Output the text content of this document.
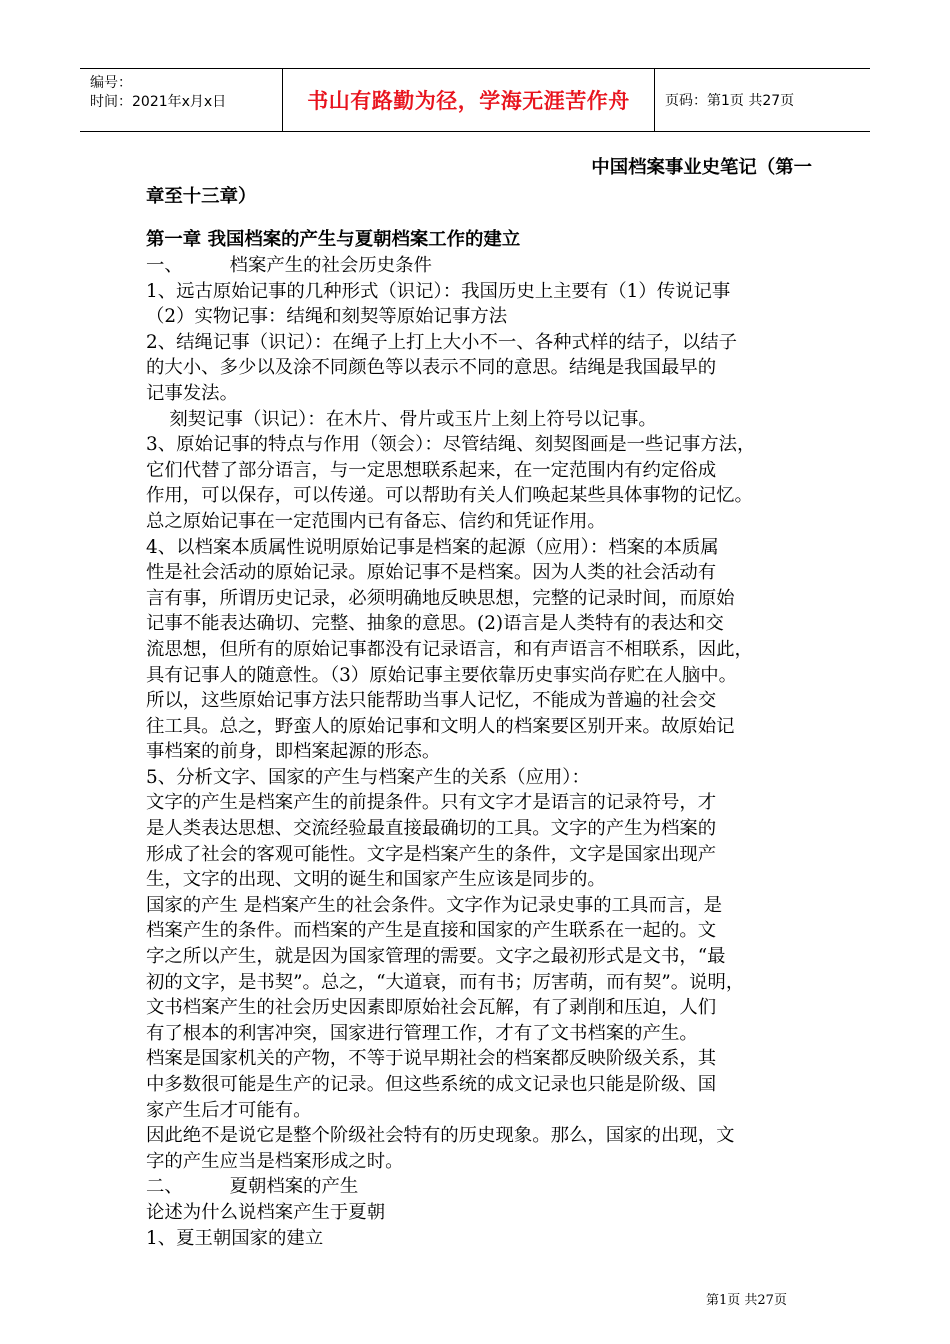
编号：
时间：2021年x月x日	书山有路勤为径，学海无涯苦作舟	页码：第1页 共27页
中国档案事业史笔记（第一
章至十三章）
第一章 我国档案的产生与夏朝档案工作的建立
一、        档案产生的社会历史条件
1、远古原始记事的几种形式（识记）：我国历史上主要有（1）传说记事
（2）实物记事：结绳和刻契等原始记事方法
2、结绳记事（识记）：在绳子上打上大小不一、各种式样的结子，以结子
的大小、多少以及涂不同颜色等以表示不同的意思。结绳是我国最早的
记事发法。
刻契记事（识记）：在木片、骨片或玉片上刻上符号以记事。
3、原始记事的特点与作用（领会）：尽管结绳、刻契图画是一些记事方法，
它们代替了部分语言，与一定思想联系起来，在一定范围内有约定俗成
作用，可以保存，可以传递。可以帮助有关人们唤起某些具体事物的记忆。
总之原始记事在一定范围内已有备忘、信约和凭证作用。
4、以档案本质属性说明原始记事是档案的起源（应用）：档案的本质属
性是社会活动的原始记录。原始记事不是档案。因为人类的社会活动有
言有事，所谓历史记录，必须明确地反映思想，完整的记录时间，而原始
记事不能表达确切、完整、抽象的意思。(2)语言是人类特有的表达和交
流思想，但所有的原始记事都没有记录语言，和有声语言不相联系，因此，
具有记事人的随意性。（3）原始记事主要依靠历史事实尚存贮在人脑中。
所以，这些原始记事方法只能帮助当事人记忆，不能成为普遍的社会交
往工具。总之，野蛮人的原始记事和文明人的档案要区别开来。故原始记
事档案的前身，即档案起源的形态。
5、分析文字、国家的产生与档案产生的关系（应用）：
文字的产生是档案产生的前提条件。只有文字才是语言的记录符号，才
是人类表达思想、交流经验最直接最确切的工具。文字的产生为档案的
形成了社会的客观可能性。文字是档案产生的条件，文字是国家出现产
生，文字的出现、文明的诞生和国家产生应该是同步的。
国家的产生 是档案产生的社会条件。文字作为记录史事的工具而言，是
档案产生的条件。而档案的产生是直接和国家的产生联系在一起的。文
字之所以产生，就是因为国家管理的需要。文字之最初形式是文书，“最
初的文字，是书契”。总之，“大道衰，而有书；厉害萌，而有契”。说明，
文书档案产生的社会历史因素即原始社会瓦解，有了剥削和压迫，人们
有了根本的利害冲突，国家进行管理工作，才有了文书档案的产生。
档案是国家机关的产物，不等于说早期社会的档案都反映阶级关系，其
中多数很可能是生产的记录。但这些系统的成文记录也只能是阶级、国
家产生后才可能有。
因此绝不是说它是整个阶级社会特有的历史现象。那么，国家的出现，文
字的产生应当是档案形成之时。
二、        夏朝档案的产生
论述为什么说档案产生于夏朝
1、夏王朝国家的建立
第1页 共27页
